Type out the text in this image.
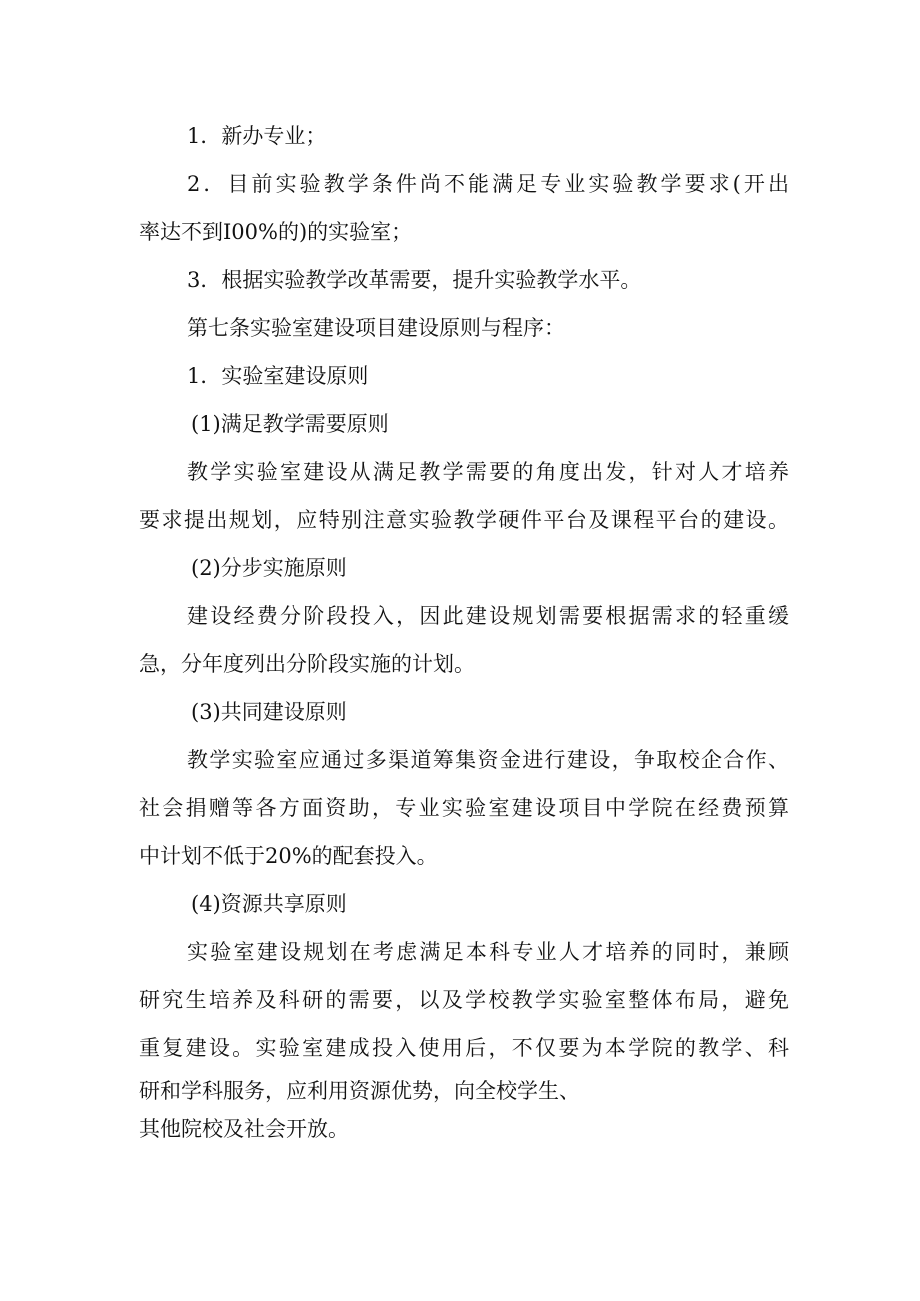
1．新办专业；
2．目前实验教学条件尚不能满足专业实验教学要求(开出
率达不到I00%的)的实验室；
3．根据实验教学改革需要，提升实验教学水平。
第七条实验室建设项目建设原则与程序：
1．实验室建设原则
(1)满足教学需要原则
教学实验室建设从满足教学需要的角度出发，针对人才培养
要求提出规划，应特别注意实验教学硬件平台及课程平台的建设。
(2)分步实施原则
建设经费分阶段投入，因此建设规划需要根据需求的轻重缓
急，分年度列出分阶段实施的计划。
(3)共同建设原则
教学实验室应通过多渠道筹集资金进行建设，争取校企合作、
社会捐赠等各方面资助，专业实验室建设项目中学院在经费预算
中计划不低于20%的配套投入。
(4)资源共享原则
实验室建设规划在考虑满足本科专业人才培养的同时，兼顾
研究生培养及科研的需要，以及学校教学实验室整体布局，避免
重复建设。实验室建成投入使用后，不仅要为本学院的教学、科
研和学科服务，应利用资源优势，向全校学生、
其他院校及社会开放。
